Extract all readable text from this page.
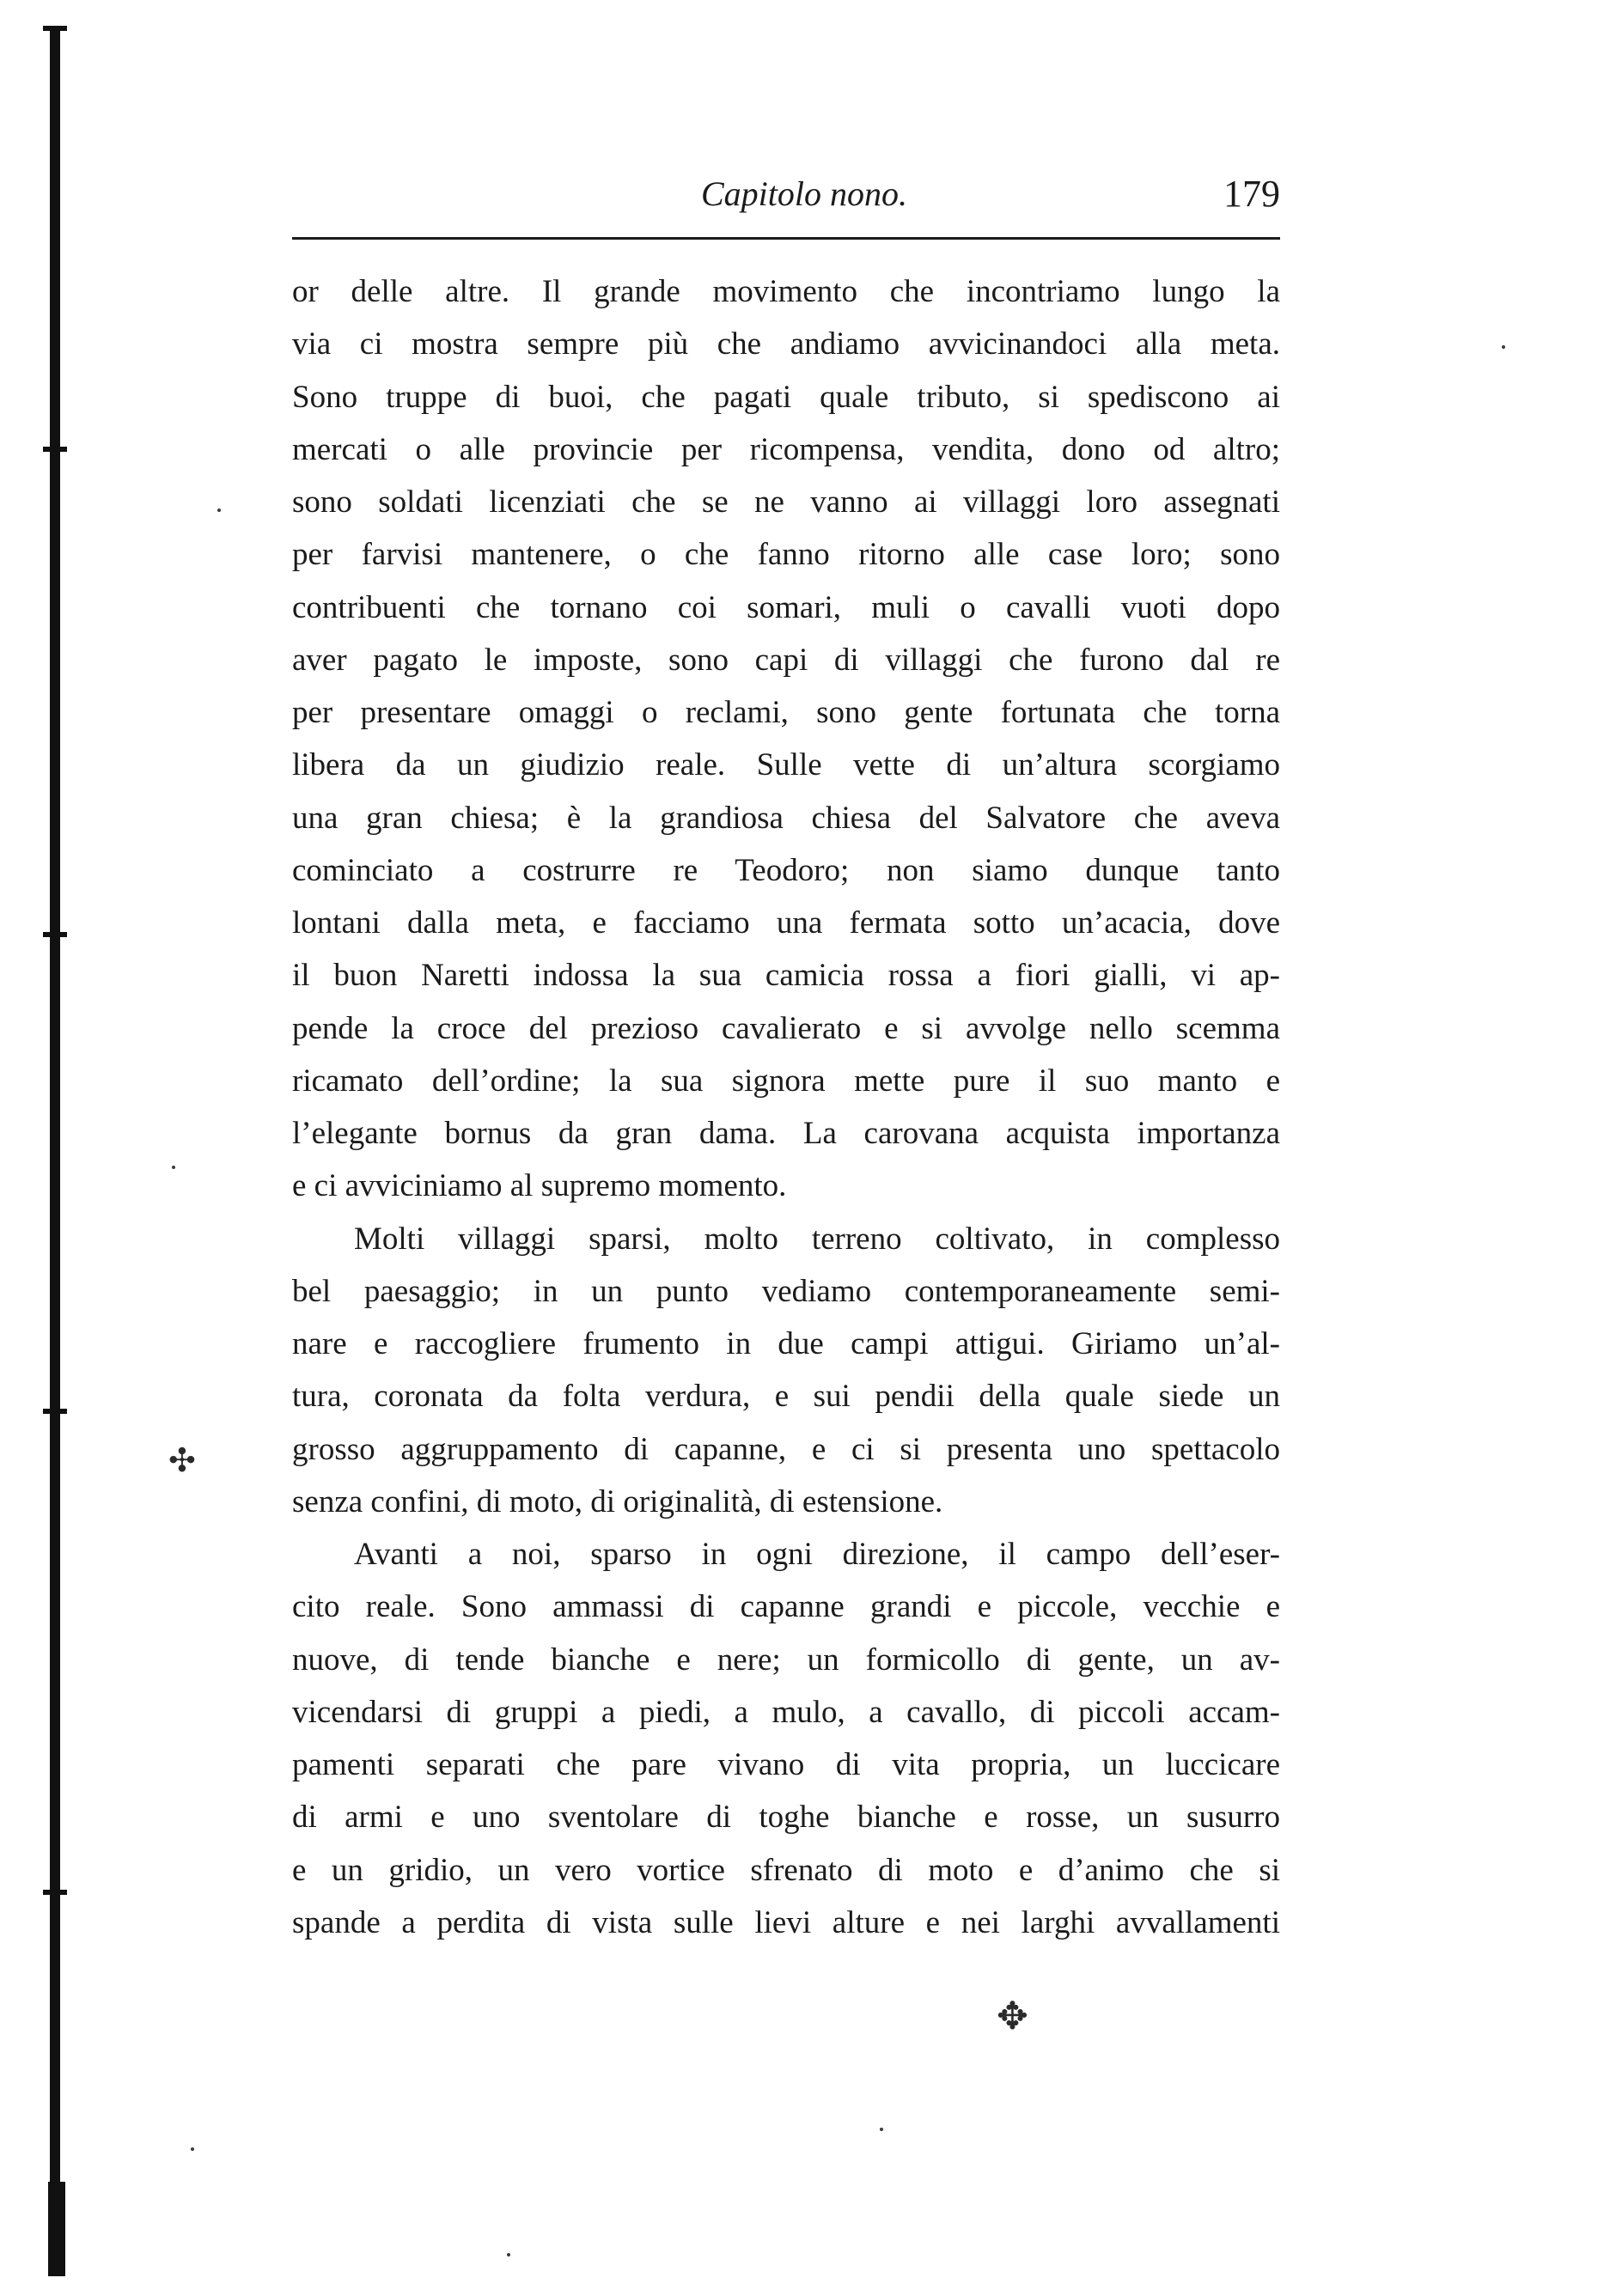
Capitolo nono.	179
or delle altre. Il grande movimento che incontriamo lungo la
via ci mostra sempre più che andiamo avvicinandoci alla meta.
Sono truppe di buoi, che pagati quale tributo, si spediscono ai
mercati o alle provincie per ricompensa, vendita, dono od altro;
sono soldati licenziati che se ne vanno ai villaggi loro assegnati
per farvisi mantenere, o che fanno ritorno alle case loro; sono
contribuenti che tornano coi somari, muli o cavalli vuoti dopo
aver pagato le imposte, sono capi di villaggi che furono dal re
per presentare omaggi o reclami, sono gente fortunata che torna
libera da un giudizio reale. Sulle vette di un’altura scorgiamo
una gran chiesa; è la grandiosa chiesa del Salvatore che aveva
cominciato a costrurre re Teodoro; non siamo dunque tanto
lontani dalla meta, e facciamo una fermata sotto un’acacia, dove
il buon Naretti indossa la sua camicia rossa a fiori gialli, vi ap-
pende la croce del prezioso cavalierato e si avvolge nello scemma
ricamato dell’ordine; la sua signora mette pure il suo manto e
l’elegante bornus da gran dama. La carovana acquista importanza
e ci avviciniamo al supremo momento.
Molti villaggi sparsi, molto terreno coltivato, in complesso
bel paesaggio; in un punto vediamo contemporaneamente semi-
nare e raccogliere frumento in due campi attigui. Giriamo un’al-
tura, coronata da folta verdura, e sui pendii della quale siede un
grosso aggruppamento di capanne, e ci si presenta uno spettacolo
senza confini, di moto, di originalità, di estensione.
Avanti a noi, sparso in ogni direzione, il campo dell’eser-
cito reale. Sono ammassi di capanne grandi e piccole, vecchie e
nuove, di tende bianche e nere; un formicollo di gente, un av-
vicendarsi di gruppi a piedi, a mulo, a cavallo, di piccoli accam-
pamenti separati che pare vivano di vita propria, un luccicare
di armi e uno sventolare di toghe bianche e rosse, un susurro
e un gridio, un vero vortice sfrenato di moto e d’animo che si
spande a perdita di vista sulle lievi alture e nei larghi avvallamenti
✣
✥
